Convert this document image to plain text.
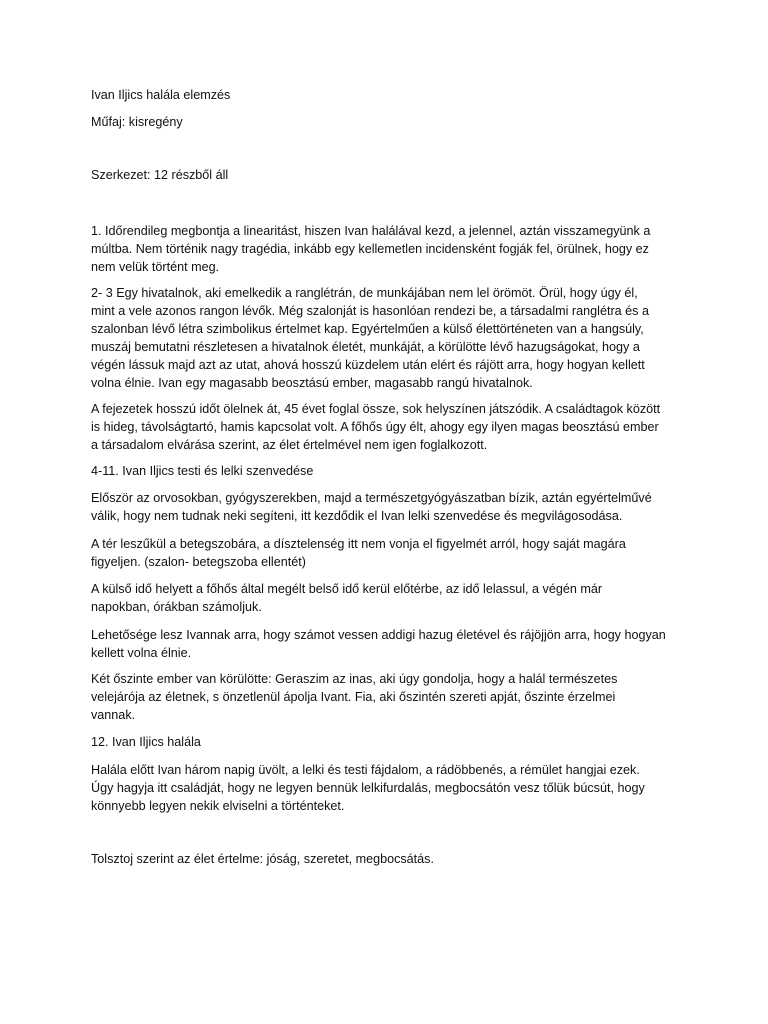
Ivan Iljics halála elemzés
Műfaj: kisregény
Szerkezet: 12 részből áll
1. Időrendileg megbontja a linearitást, hiszen Ivan halálával kezd, a jelennel, aztán visszamegyünk a
múltba. Nem történik nagy tragédia, inkább egy kellemetlen incidensként fogják fel, örülnek, hogy ez
nem velük történt meg.
2- 3 Egy hivatalnok, aki emelkedik a ranglétrán, de munkájában nem lel örömöt. Örül, hogy úgy él,
mint a vele azonos rangon lévők. Még szalonját is hasonlóan rendezi be, a társadalmi ranglétra és a
szalonban lévő létra szimbolikus értelmet kap. Egyértelműen a külső élettörténeten van a hangsúly,
muszáj bemutatni részletesen a hivatalnok életét, munkáját, a körülötte lévő hazugságokat, hogy a
végén lássuk majd azt az utat, ahová hosszú küzdelem után elért és rájött arra, hogy hogyan kellett
volna élnie. Ivan egy magasabb beosztású ember, magasabb rangú hivatalnok.
A fejezetek hosszú időt ölelnek át, 45 évet foglal össze, sok helyszínen játszódik. A családtagok között
is hideg, távolságtartó, hamis kapcsolat volt. A főhős úgy élt, ahogy egy ilyen magas beosztású ember
a társadalom elvárása szerint, az élet értelmével nem igen foglalkozott.
4-11. Ivan Iljics testi és lelki szenvedése
Először az orvosokban, gyógyszerekben, majd a természetgyógyászatban bízik, aztán egyértelművé
válik, hogy nem tudnak neki segíteni, itt kezdődik el Ivan lelki szenvedése és megvilágosodása.
A tér leszűkül a betegszobára, a dísztelenség itt nem vonja el figyelmét arról, hogy saját magára
figyeljen. (szalon- betegszoba ellentét)
A külső idő helyett a főhős által megélt belső idő kerül előtérbe, az idő lelassul, a végén már
napokban, órákban számoljuk.
Lehetősége lesz Ivannak arra, hogy számot vessen addigi hazug életével és rájöjjön arra, hogy hogyan
kellett volna élnie.
Két őszinte ember van körülötte: Geraszim az inas, aki úgy gondolja, hogy a halál természetes
velejárója az életnek, s önzetlenül ápolja Ivant. Fia, aki őszintén szereti apját, őszinte érzelmei
vannak.
12. Ivan Iljics halála
Halála előtt Ivan három napig üvölt, a lelki és testi fájdalom, a rádöbbenés, a rémület hangjai ezek.
Úgy hagyja itt családját, hogy ne legyen bennük lelkifurdalás, megbocsátón vesz tőlük búcsút, hogy
könnyebb legyen nekik elviselni a történteket.
Tolsztoj szerint az élet értelme: jóság, szeretet, megbocsátás.
